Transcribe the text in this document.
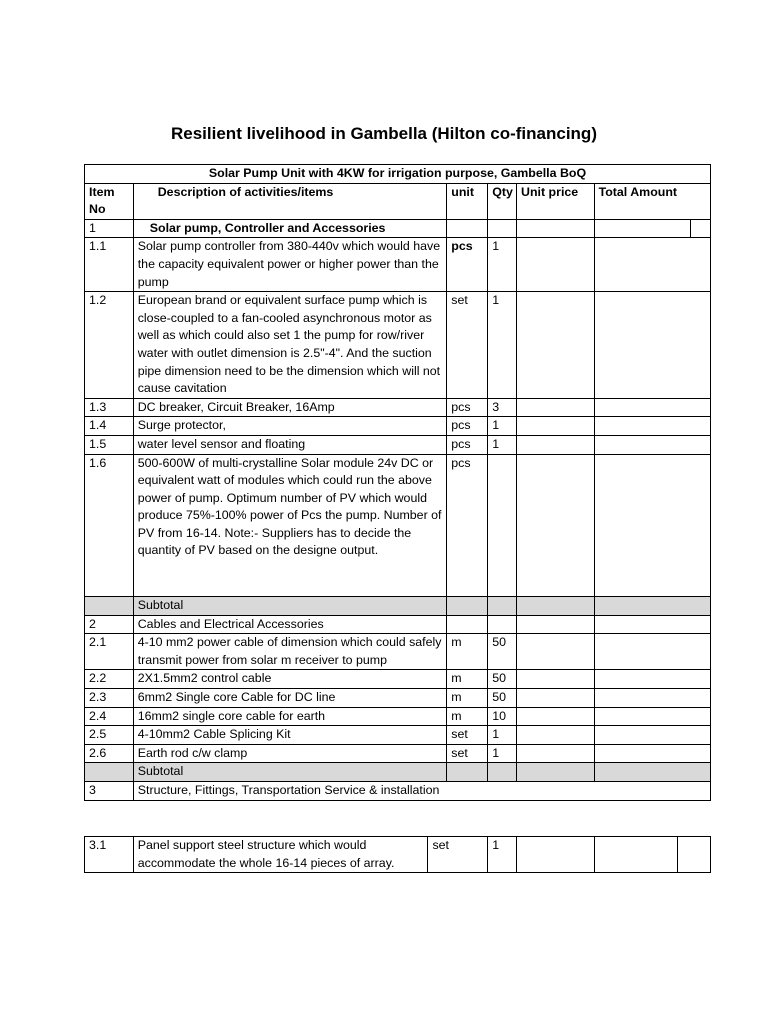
Resilient livelihood in Gambella (Hilton co-financing)
Solar Pump Unit with 4KW for irrigation purpose, Gambella BoQ						
Item No	Description of activities/items	unit	Qty	Unit price	Total Amount	
1	Solar pump, Controller and Accessories					
1.1	Solar pump controller from 380-440v which would have the capacity equivalent power or higher power than the pump	pcs	1			
1.2	European brand or equivalent surface pump which is close-coupled to a fan-cooled asynchronous motor as well as which could also set 1 the pump for row/river water with outlet dimension is 2.5"-4". And the suction pipe dimension need to be the dimension which will not cause cavitation	set	1			
1.3	DC breaker, Circuit Breaker, 16Amp	pcs	3			
1.4	Surge protector,	pcs	1			
1.5	water level sensor and floating	pcs	1			
1.6	500-600W of multi-crystalline Solar module 24v DC or equivalent watt of modules which could run the above power of pump. Optimum number of PV which would produce 75%-100% power of Pcs the pump. Number of PV from 16-14. Note:- Suppliers has to decide the quantity of PV based on the designe output.	pcs				
	Subtotal					
2	Cables and Electrical Accessories					
2.1	4-10 mm2 power cable of dimension which could safely transmit power from solar m receiver to pump	m	50			
2.2	2X1.5mm2 control cable	m	50			
2.3	6mm2 Single core Cable for DC line	m	50			
2.4	16mm2 single core cable for earth	m	10			
2.5	4-10mm2 Cable Splicing Kit	set	1			
2.6	Earth rod c/w clamp	set	1			
	Subtotal					
3	Structure, Fittings, Transportation Service & installation					
3.1	Panel support steel structure which would accommodate the whole 16-14 pieces of array.	set	1			
